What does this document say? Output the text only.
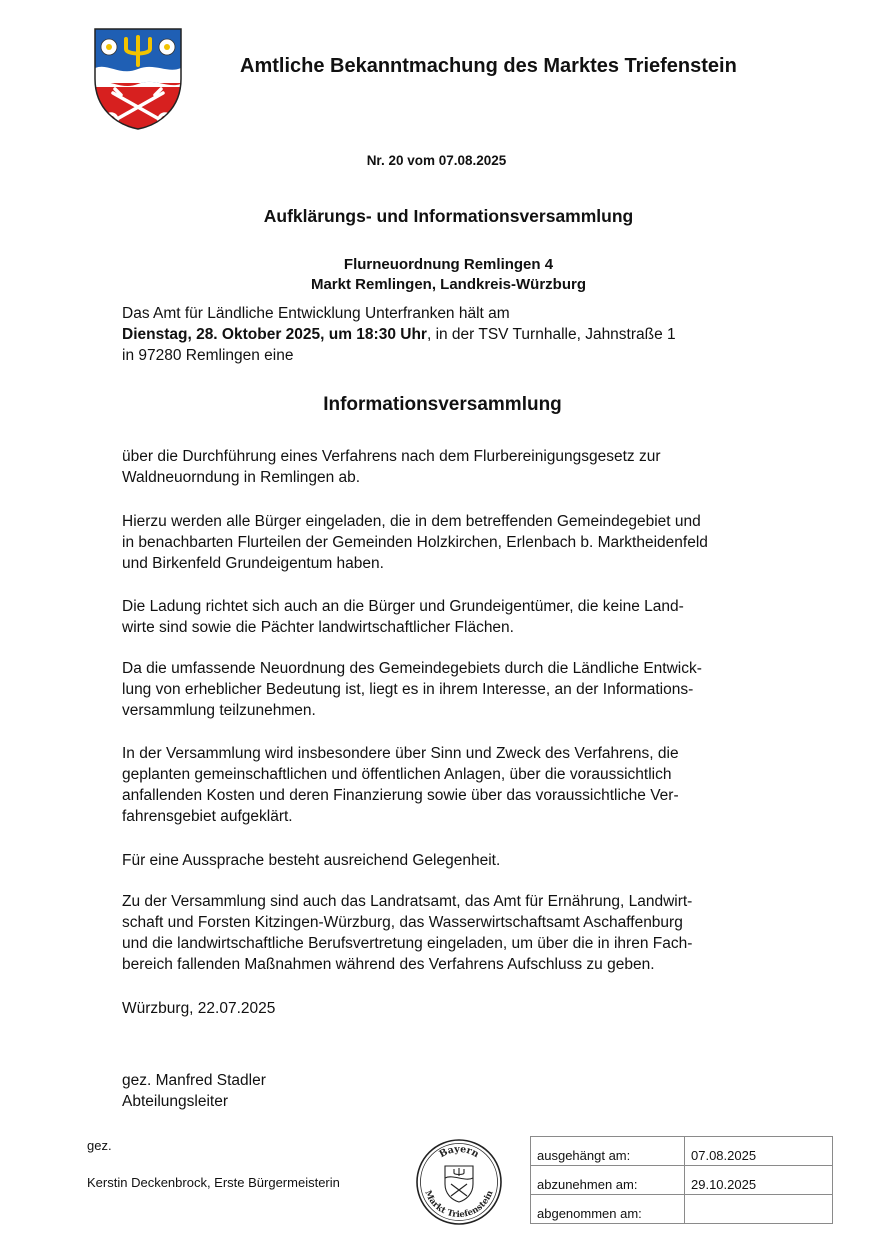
Amtliche Bekanntmachung des Marktes Triefenstein
Nr. 20 vom 07.08.2025
Aufklärungs- und Informationsversammlung
Flurneuordnung Remlingen 4
Markt Remlingen, Landkreis-Würzburg
Das Amt für Ländliche Entwicklung Unterfranken hält am
Dienstag, 28. Oktober 2025, um 18:30 Uhr, in der TSV Turnhalle, Jahnstraße 1
in 97280 Remlingen eine
Informationsversammlung
über die Durchführung eines Verfahrens nach dem Flurbereinigungsgesetz zur
Waldneuorndung in Remlingen ab.
Hierzu werden alle Bürger eingeladen, die in dem betreffenden Gemeindegebiet und
in benachbarten Flurteilen der Gemeinden Holzkirchen, Erlenbach b. Marktheidenfeld
und Birkenfeld Grundeigentum haben.
Die Ladung richtet sich auch an die Bürger und Grundeigentümer, die keine Land-
wirte sind sowie die Pächter landwirtschaftlicher Flächen.
Da die umfassende Neuordnung des Gemeindegebiets durch die Ländliche Entwick-
lung von erheblicher Bedeutung ist, liegt es in ihrem Interesse, an der Informations-
versammlung teilzunehmen.
In der Versammlung wird insbesondere über Sinn und Zweck des Verfahrens, die
geplanten gemeinschaftlichen und öffentlichen Anlagen, über die voraussichtlich
anfallenden Kosten und deren Finanzierung sowie über das voraussichtliche Ver-
fahrensgebiet aufgeklärt.
Für eine Aussprache besteht ausreichend Gelegenheit.
Zu der Versammlung sind auch das Landratsamt, das Amt für Ernährung, Landwirt-
schaft und Forsten Kitzingen-Würzburg, das Wasserwirtschaftsamt Aschaffenburg
und die landwirtschaftliche Berufsvertretung eingeladen, um über die in ihren Fach-
bereich fallenden Maßnahmen während des Verfahrens Aufschluss zu geben.
Würzburg, 22.07.2025
gez. Manfred Stadler
Abteilungsleiter
gez.
Kerstin Deckenbrock, Erste Bürgermeisterin
Bayern
Markt Triefenstein
ausgehängt am:	07.08.2025
abzunehmen am:	29.10.2025
abgenommen am:	
